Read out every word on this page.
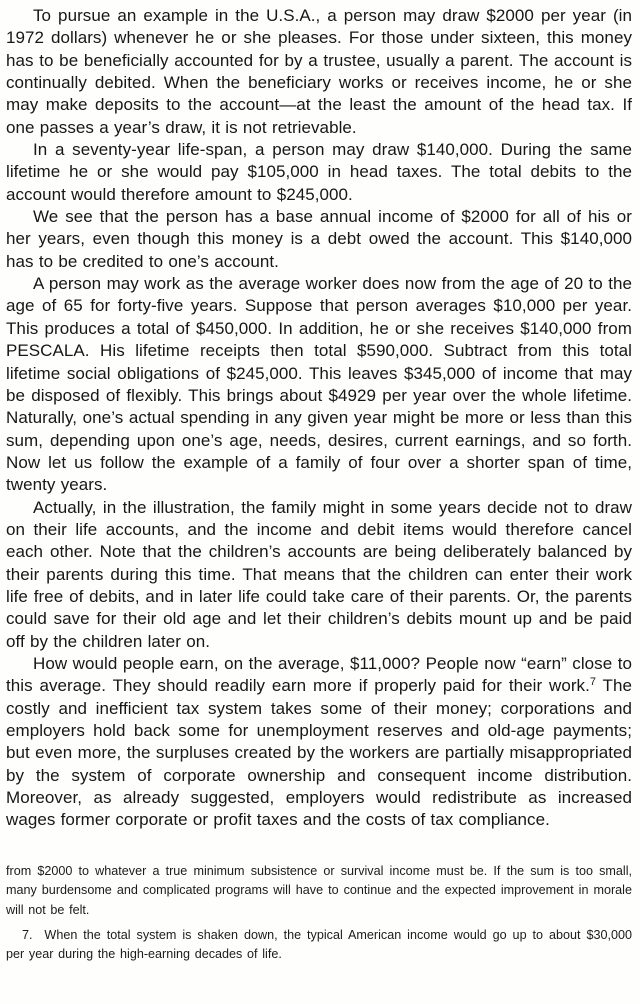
To pursue an example in the U.S.A., a person may draw $2000 per year (in 1972 dollars) whenever he or she pleases. For those under sixteen, this money has to be beneficially accounted for by a trustee, usually a parent. The account is continually debited. When the beneficiary works or receives income, he or she may make deposits to the account—at the least the amount of the head tax. If one passes a year’s draw, it is not retrievable.

In a seventy-year life-span, a person may draw $140,000. During the same lifetime he or she would pay $105,000 in head taxes. The total debits to the account would therefore amount to $245,000.

We see that the person has a base annual income of $2000 for all of his or her years, even though this money is a debt owed the account. This $140,000 has to be credited to one’s account.

A person may work as the average worker does now from the age of 20 to the age of 65 for forty-five years. Suppose that person averages $10,000 per year. This produces a total of $450,000. In addition, he or she receives $140,000 from PESCALA. His lifetime receipts then total $590,000. Subtract from this total lifetime social obligations of $245,000. This leaves $345,000 of income that may be disposed of flexibly. This brings about $4929 per year over the whole lifetime. Naturally, one’s actual spending in any given year might be more or less than this sum, depending upon one’s age, needs, desires, current earnings, and so forth. Now let us follow the example of a family of four over a shorter span of time, twenty years.

Actually, in the illustration, the family might in some years decide not to draw on their life accounts, and the income and debit items would therefore cancel each other. Note that the children’s accounts are being deliberately balanced by their parents during this time. That means that the children can enter their work life free of debits, and in later life could take care of their parents. Or, the parents could save for their old age and let their children’s debits mount up and be paid off by the children later on.

How would people earn, on the average, $11,000? People now “earn” close to this average. They should readily earn more if properly paid for their work.$^7$ The costly and inefficient tax system takes some of their money; corporations and employers hold back some for unemployment reserves and old-age payments; but even more, the surpluses created by the workers are partially misappropriated by the system of corporate ownership and consequent income distribution. Moreover, as already suggested, employers would redistribute as increased wages former corporate or profit taxes and the costs of tax compliance.

from $2000 to whatever a true minimum subsistence or survival income must be. If the sum is too small, many burdensome and complicated programs will have to continue and the expected improvement in morale will not be felt.

7.  When the total system is shaken down, the typical American income would go up to about $30,000 per year during the high-earning decades of life.
